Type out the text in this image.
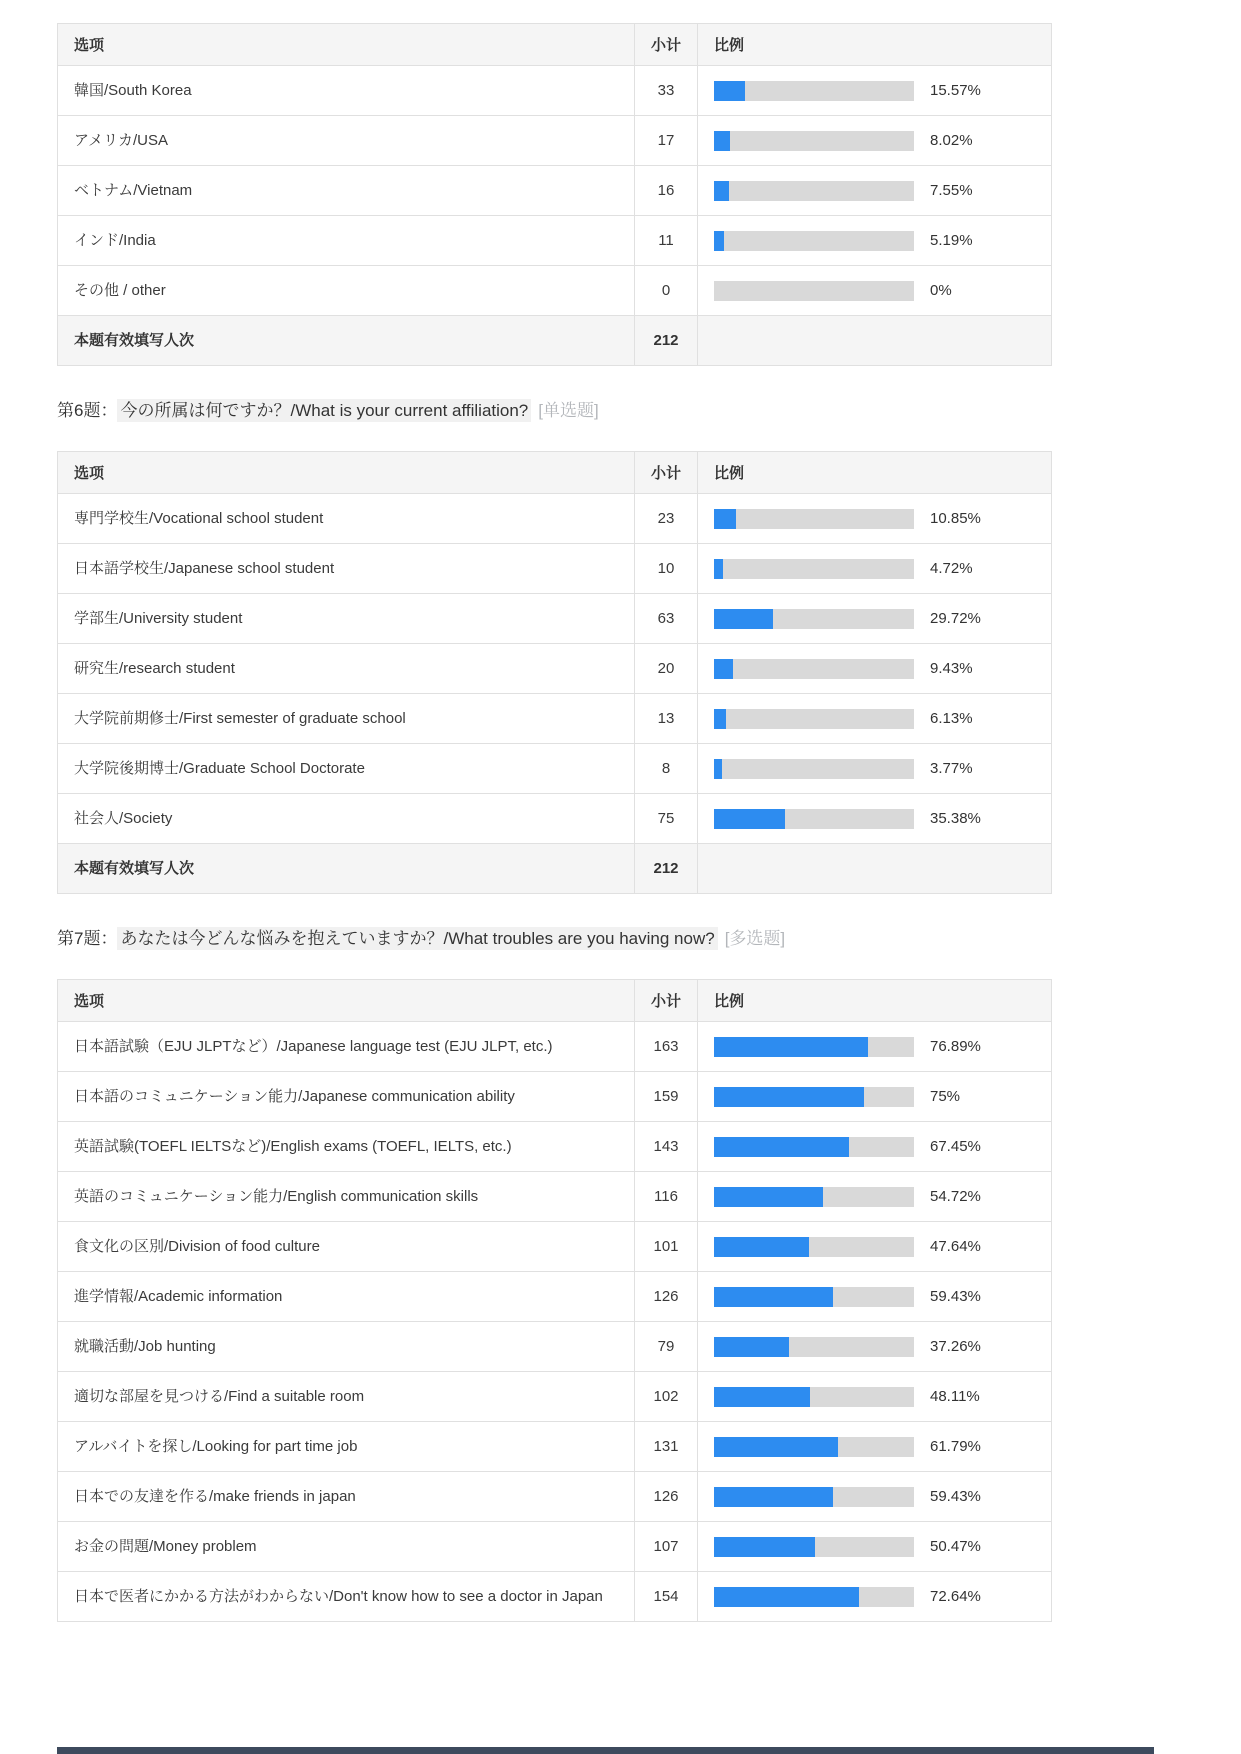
选项	小计	比例
韓国/South Korea	33	15.57%

アメリカ/USA	17	8.02%

ベトナム/Vietnam	16	7.55%

インド/India	11	5.19%

その他 / other	0	0%

本题有效填写人次	212	
第6题： 今の所属は何ですか？/What is your current affiliation? [单选题]
选项	小计	比例
専門学校生/Vocational school student	23	10.85%

日本語学校生/Japanese school student	10	4.72%

学部生/University student	63	29.72%

研究生/research student	20	9.43%

大学院前期修士/First semester of graduate school	13	6.13%

大学院後期博士/Graduate School Doctorate	8	3.77%

社会人/Society	75	35.38%

本题有效填写人次	212	
第7题： あなたは今どんな悩みを抱えていますか？/What troubles are you having now? [多选题]
选项	小计	比例
日本語試験（EJU JLPTなど）/Japanese language test (EJU JLPT, etc.)	163	76.89%

日本語のコミュニケーション能力/Japanese communication ability	159	75%

英語試験(TOEFL IELTSなど)/English exams (TOEFL, IELTS, etc.)	143	67.45%

英語のコミュニケーション能力/English communication skills	116	54.72%

食文化の区別/Division of food culture	101	47.64%

進学情報/Academic information	126	59.43%

就職活動/Job hunting	79	37.26%

適切な部屋を見つける/Find a suitable room	102	48.11%

アルバイトを探し/Looking for part time job	131	61.79%

日本での友達を作る/make friends in japan	126	59.43%

お金の問題/Money problem	107	50.47%

日本で医者にかかる方法がわからない/Don't know how to see a doctor in Japan	154	72.64%
